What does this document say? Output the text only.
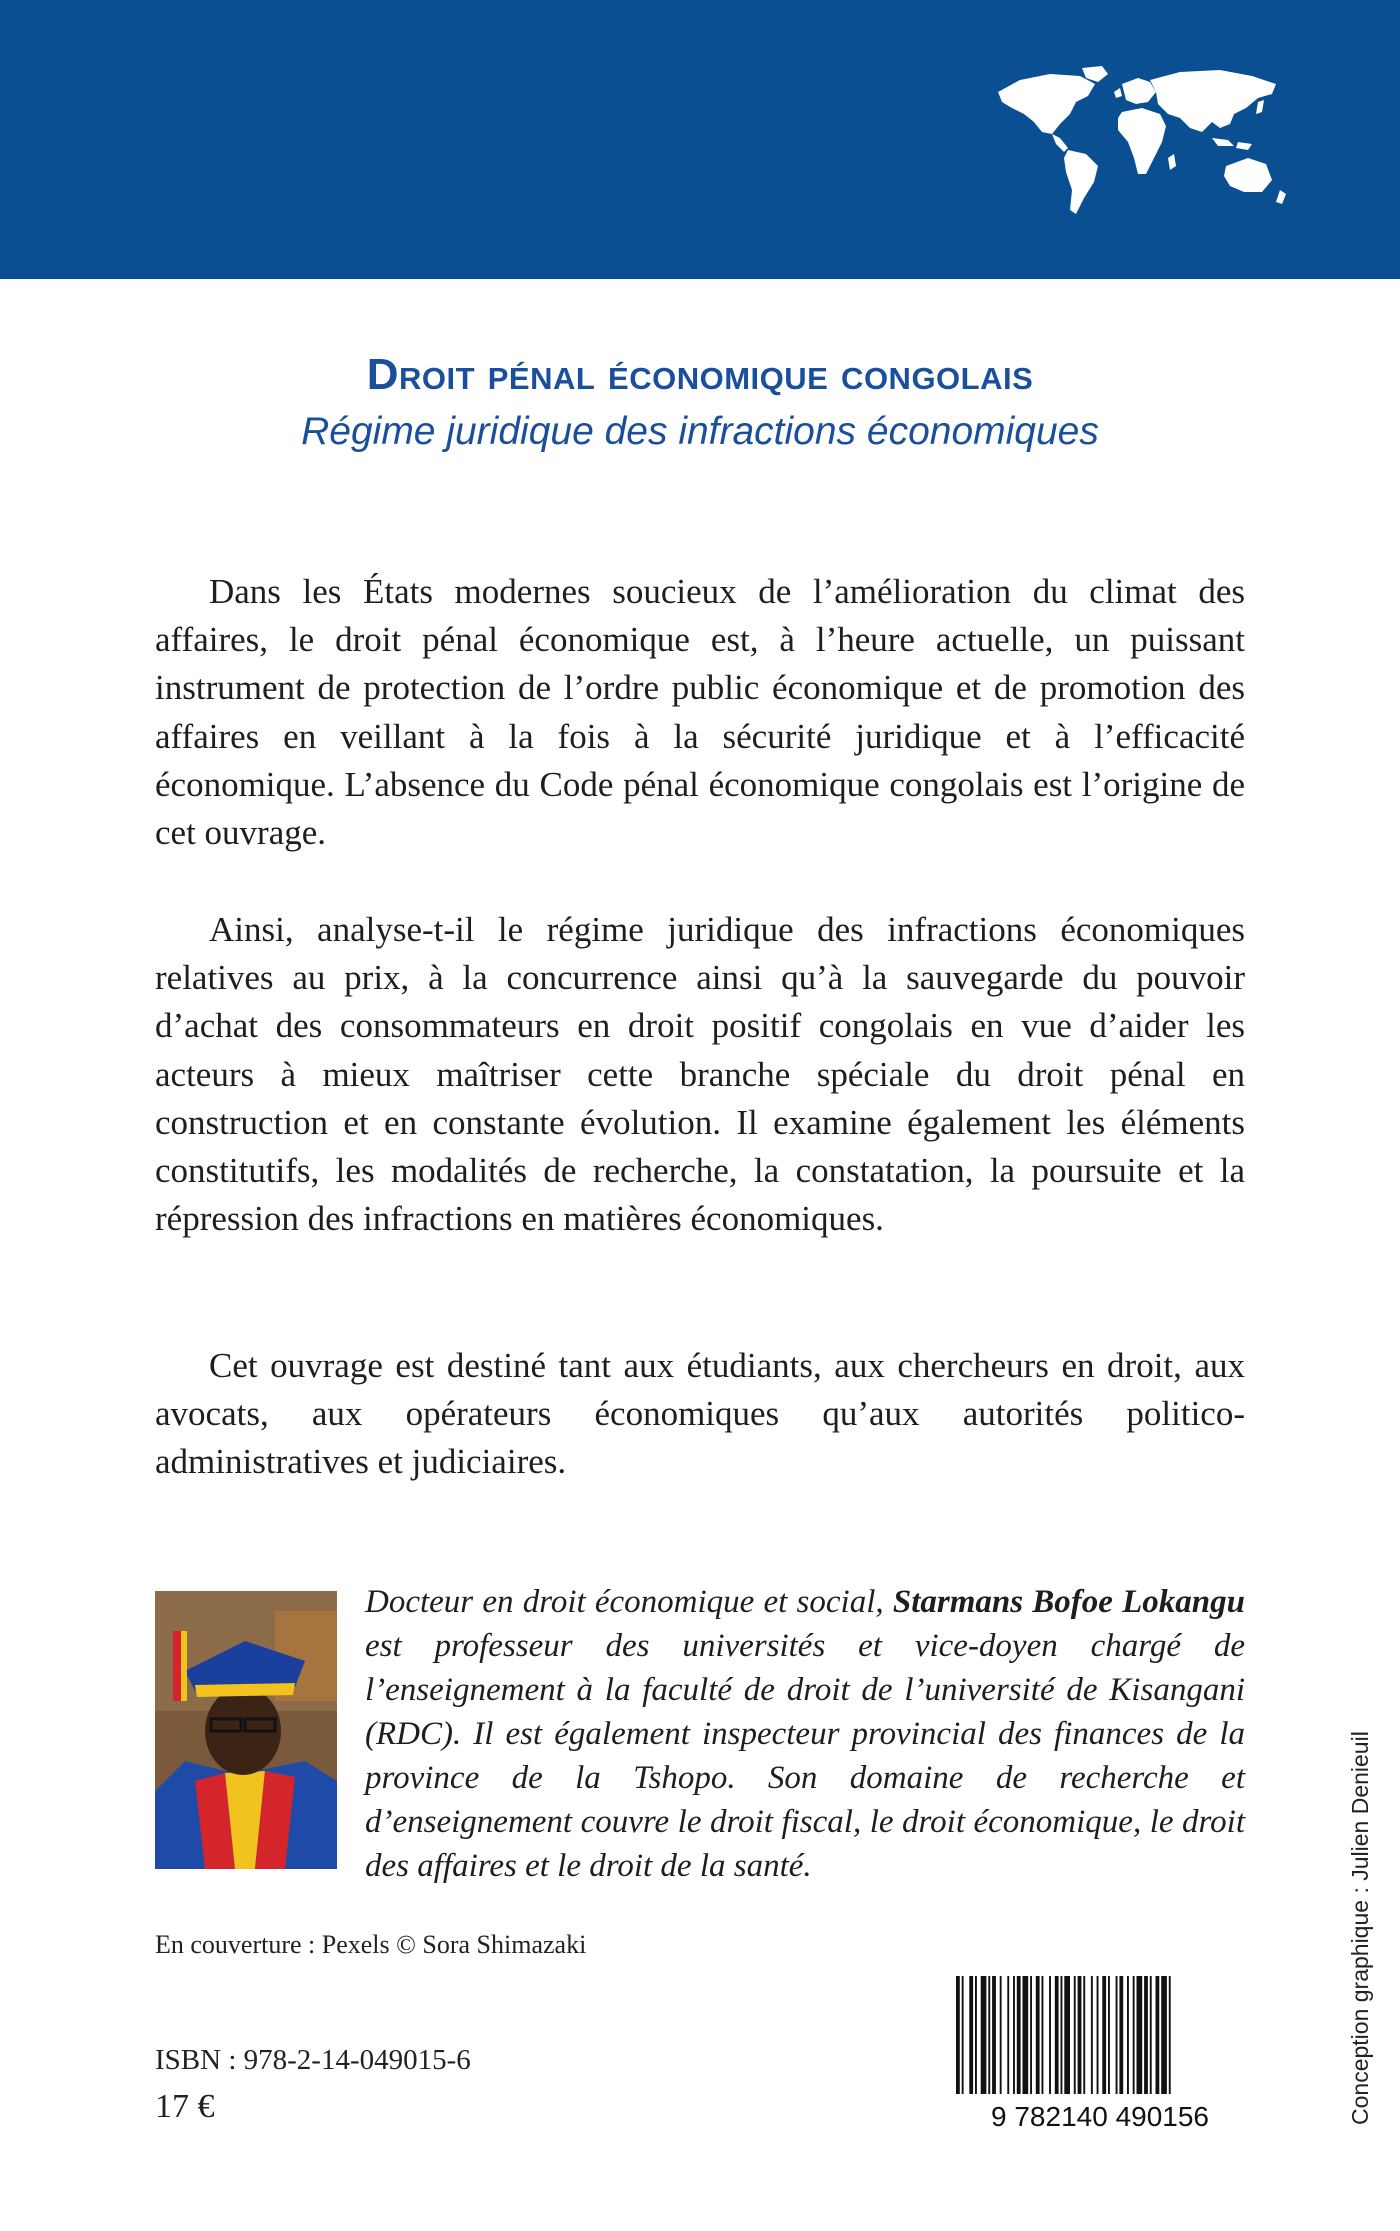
Droit pénal économique congolais
Régime juridique des infractions économiques

Dans les États modernes soucieux de l’amélioration du climat des affaires, le droit pénal économique est, à l’heure actuelle, un puissant instrument de protection de l’ordre public économique et de promotion des affaires en veillant à la fois à la sécurité juridique et à l’efficacité économique. L’absence du Code pénal économique congolais est l’origine de cet ouvrage.

Ainsi, analyse-t-il le régime juridique des infractions économiques relatives au prix, à la concurrence ainsi qu’à la sauvegarde du pouvoir d’achat des consommateurs en droit positif congolais en vue d’aider les acteurs à mieux maîtriser cette branche spéciale du droit pénal en construction et en constante évolution. Il examine également les éléments constitutifs, les modalités de recherche, la constatation, la poursuite et la répression des infractions en matières économiques.

Cet ouvrage est destiné tant aux étudiants, aux chercheurs en droit, aux avocats, aux opérateurs économiques qu’aux autorités politico-administratives et judiciaires.

Docteur en droit économique et social, Starmans Bofoe Lokangu est professeur des universités et vice-doyen chargé de l’enseignement à la faculté de droit de l’université de Kisangani (RDC). Il est également inspecteur provincial des finances de la province de la Tshopo. Son domaine de recherche et d’enseignement couvre le droit fiscal, le droit économique, le droit des affaires et le droit de la santé.

En couverture : Pexels © Sora Shimazaki
ISBN : 978-2-14-049015-6
17 €	9 782140 490156	Conception graphique : Julien Denieuil
